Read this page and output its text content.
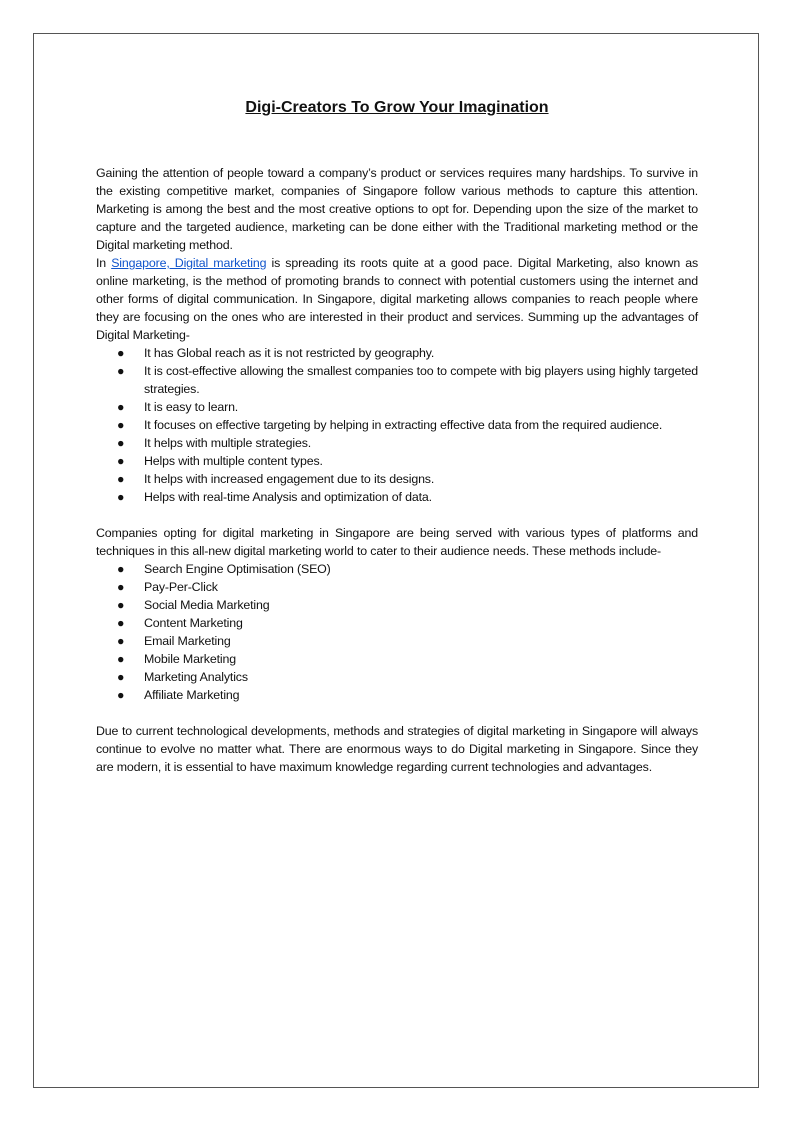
Digi-Creators To Grow Your Imagination

Gaining the attention of people toward a company’s product or services requires many hardships. To survive in the existing competitive market, companies of Singapore follow various methods to capture this attention. Marketing is among the best and the most creative options to opt for. Depending upon the size of the market to capture and the targeted audience, marketing can be done either with the Traditional marketing method or the Digital marketing method.

In Singapore, Digital marketing is spreading its roots quite at a good pace. Digital Marketing, also known as online marketing, is the method of promoting brands to connect with potential customers using the internet and other forms of digital communication. In Singapore, digital marketing allows companies to reach people where they are focusing on the ones who are interested in their product and services. Summing up the advantages of Digital Marketing-

● It has Global reach as it is not restricted by geography.
● It is cost-effective allowing the smallest companies too to compete with big players using highly targeted strategies.
● It is easy to learn.
● It focuses on effective targeting by helping in extracting effective data from the required audience.
● It helps with multiple strategies.
● Helps with multiple content types.
● It helps with increased engagement due to its designs.
● Helps with real-time Analysis and optimization of data.

Companies opting for digital marketing in Singapore are being served with various types of platforms and techniques in this all-new digital marketing world to cater to their audience needs. These methods include-

● Search Engine Optimisation (SEO)
● Pay-Per-Click
● Social Media Marketing
● Content Marketing
● Email Marketing
● Mobile Marketing
● Marketing Analytics
● Affiliate Marketing

Due to current technological developments, methods and strategies of digital marketing in Singapore will always continue to evolve no matter what. There are enormous ways to do Digital marketing in Singapore. Since they are modern, it is essential to have maximum knowledge regarding current technologies and advantages.
